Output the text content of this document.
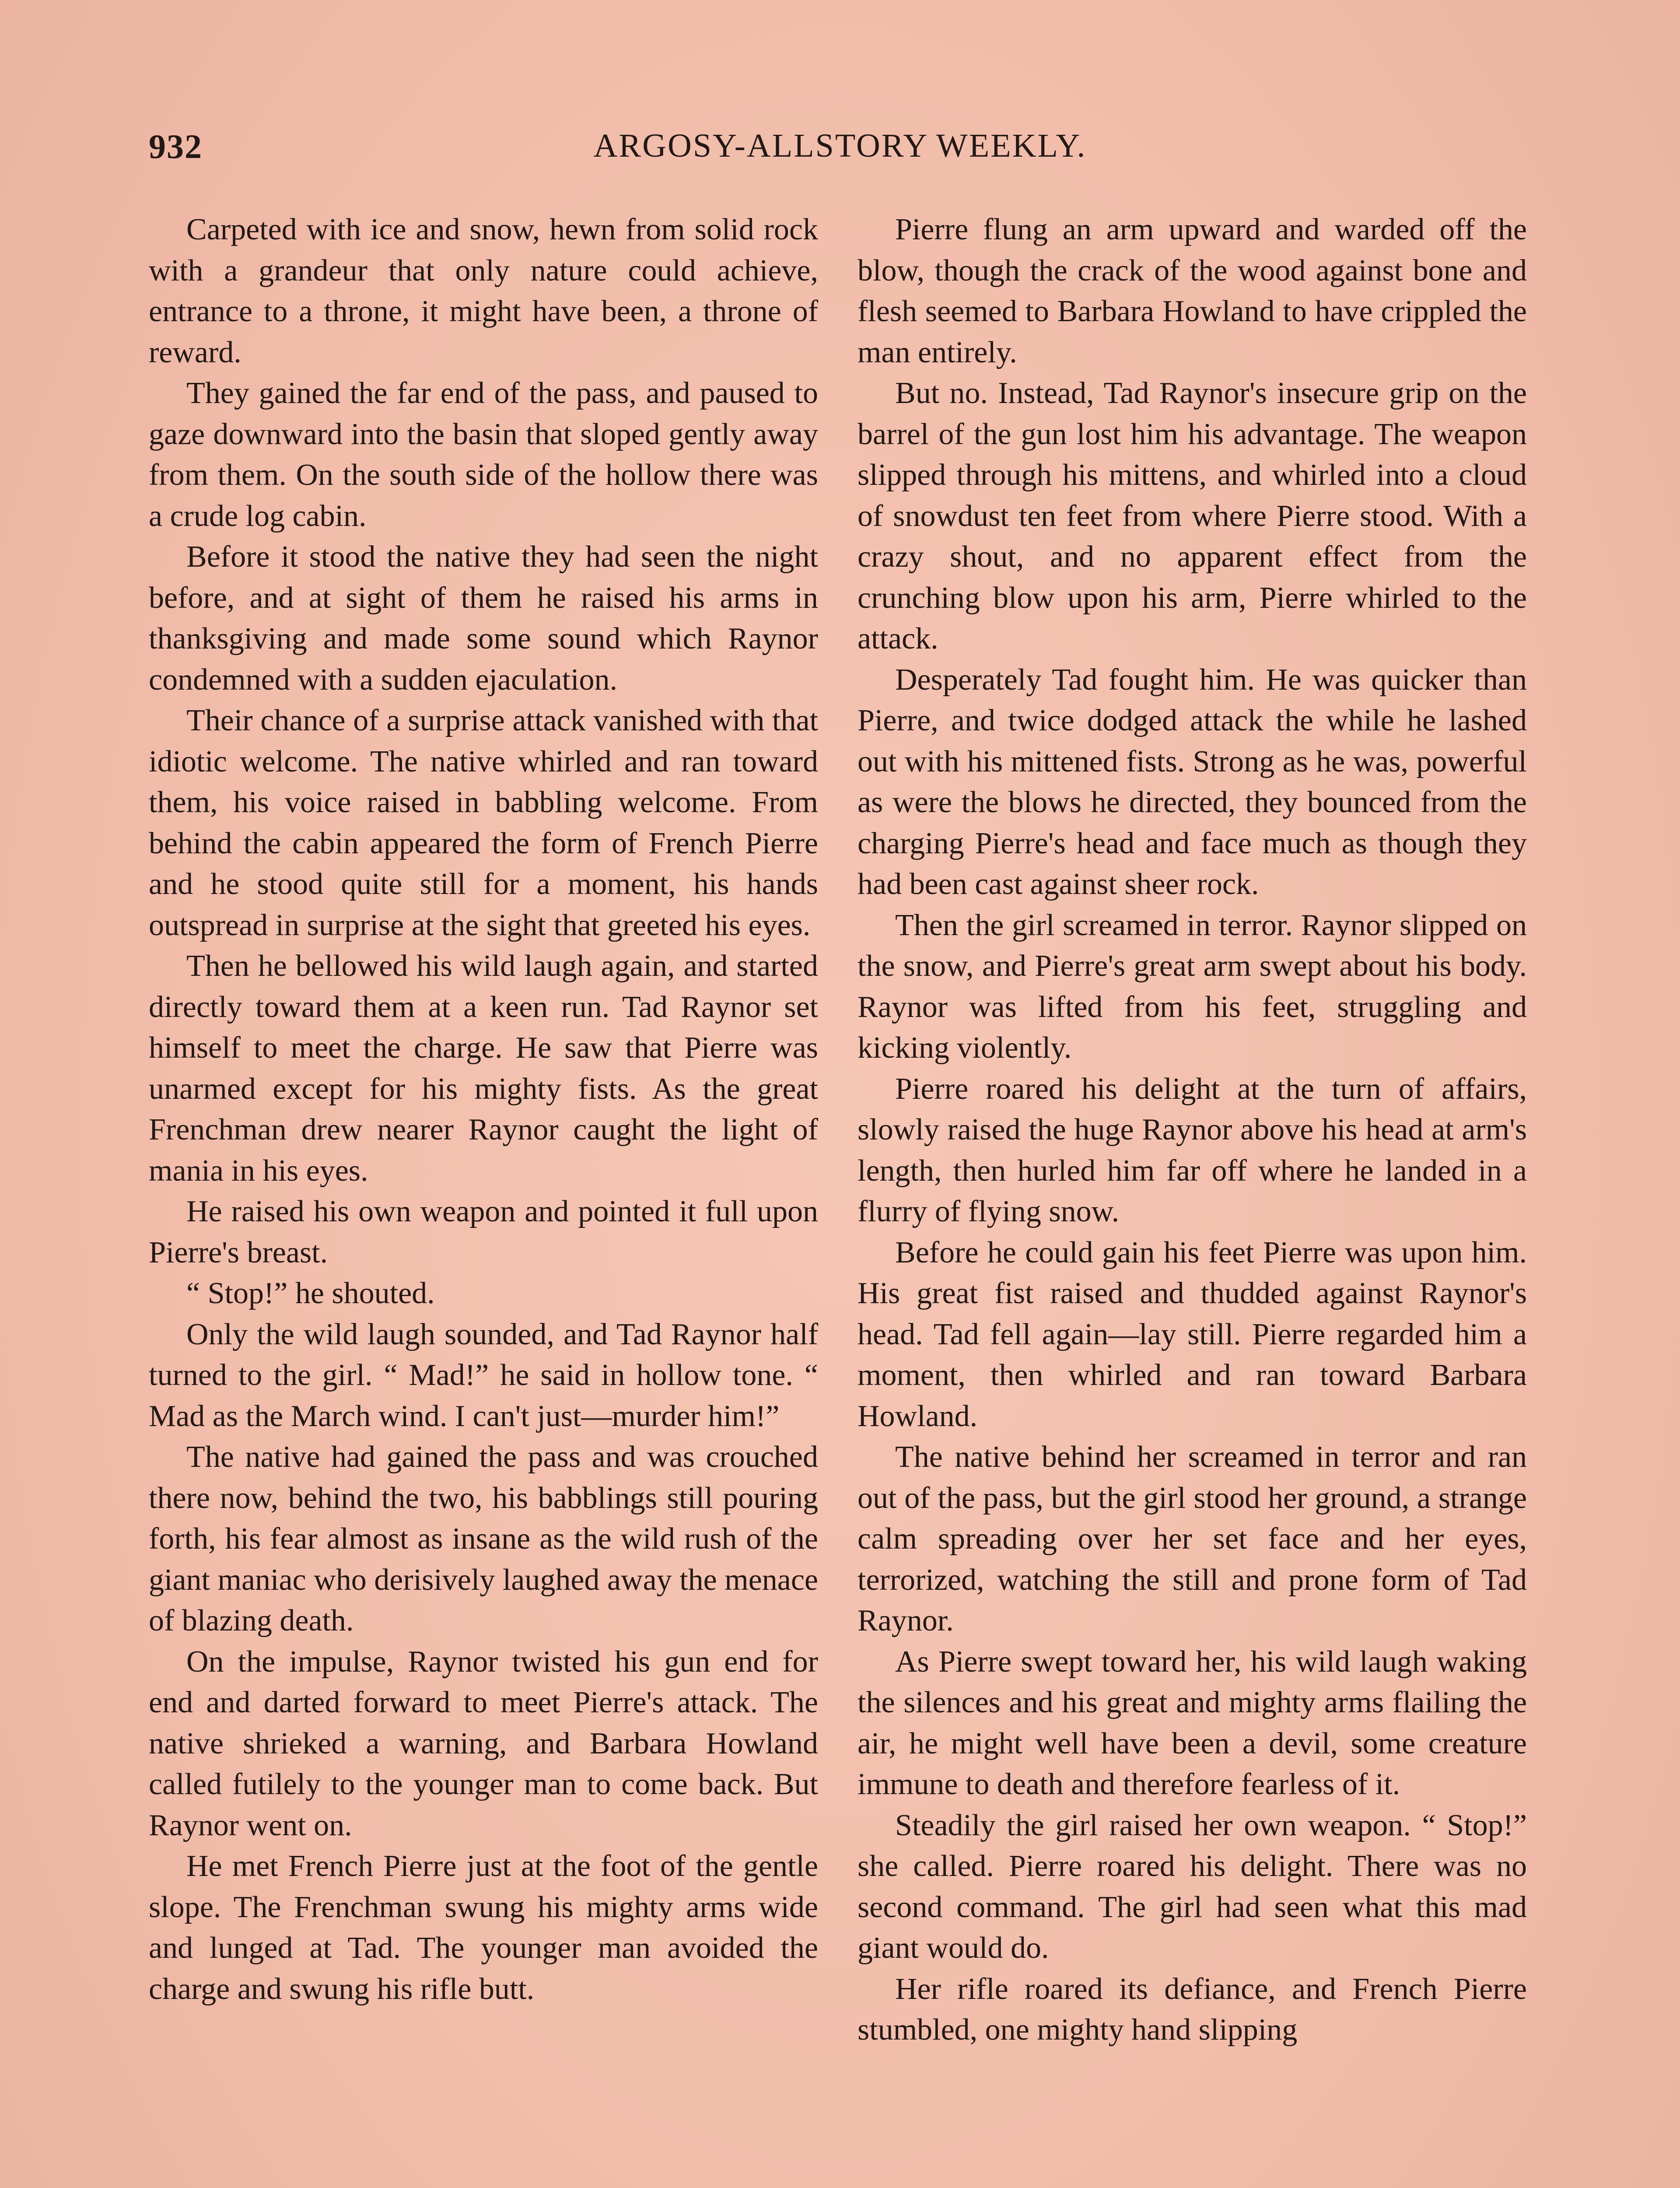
932	ARGOSY-ALLSTORY WEEKLY.

Carpeted with ice and snow, hewn from solid rock with a grandeur that only nature could achieve, entrance to a throne, it might have been, a throne of reward.

They gained the far end of the pass, and paused to gaze downward into the basin that sloped gently away from them. On the south side of the hollow there was a crude log cabin.

Before it stood the native they had seen the night before, and at sight of them he raised his arms in thanksgiving and made some sound which Raynor condemned with a sudden ejaculation.

Their chance of a surprise attack vanished with that idiotic welcome. The native whirled and ran toward them, his voice raised in babbling welcome. From behind the cabin appeared the form of French Pierre and he stood quite still for a moment, his hands outspread in surprise at the sight that greeted his eyes.

Then he bellowed his wild laugh again, and started directly toward them at a keen run. Tad Raynor set himself to meet the charge. He saw that Pierre was unarmed except for his mighty fists. As the great Frenchman drew nearer Raynor caught the light of mania in his eyes.

He raised his own weapon and pointed it full upon Pierre's breast.

“ Stop!” he shouted.

Only the wild laugh sounded, and Tad Raynor half turned to the girl. “ Mad!” he said in hollow tone. “ Mad as the March wind. I can't just—murder him!”

The native had gained the pass and was crouched there now, behind the two, his babblings still pouring forth, his fear almost as insane as the wild rush of the giant maniac who derisively laughed away the menace of blazing death.

On the impulse, Raynor twisted his gun end for end and darted forward to meet Pierre's attack. The native shrieked a warning, and Barbara Howland called futilely to the younger man to come back. But Raynor went on.

He met French Pierre just at the foot of the gentle slope. The Frenchman swung his mighty arms wide and lunged at Tad. The younger man avoided the charge and swung his rifle butt.

Pierre flung an arm upward and warded off the blow, though the crack of the wood against bone and flesh seemed to Barbara Howland to have crippled the man entirely.

But no. Instead, Tad Raynor's insecure grip on the barrel of the gun lost him his advantage. The weapon slipped through his mittens, and whirled into a cloud of snowdust ten feet from where Pierre stood. With a crazy shout, and no apparent effect from the crunching blow upon his arm, Pierre whirled to the attack.

Desperately Tad fought him. He was quicker than Pierre, and twice dodged attack the while he lashed out with his mittened fists. Strong as he was, powerful as were the blows he directed, they bounced from the charging Pierre's head and face much as though they had been cast against sheer rock.

Then the girl screamed in terror. Raynor slipped on the snow, and Pierre's great arm swept about his body. Raynor was lifted from his feet, struggling and kicking violently.

Pierre roared his delight at the turn of affairs, slowly raised the huge Raynor above his head at arm's length, then hurled him far off where he landed in a flurry of flying snow.

Before he could gain his feet Pierre was upon him. His great fist raised and thudded against Raynor's head. Tad fell again—lay still. Pierre regarded him a moment, then whirled and ran toward Barbara Howland.

The native behind her screamed in terror and ran out of the pass, but the girl stood her ground, a strange calm spreading over her set face and her eyes, terrorized, watching the still and prone form of Tad Raynor.

As Pierre swept toward her, his wild laugh waking the silences and his great and mighty arms flailing the air, he might well have been a devil, some creature immune to death and therefore fearless of it.

Steadily the girl raised her own weapon. “ Stop!” she called. Pierre roared his delight. There was no second command. The girl had seen what this mad giant would do.

Her rifle roared its defiance, and French Pierre stumbled, one mighty hand slipping
